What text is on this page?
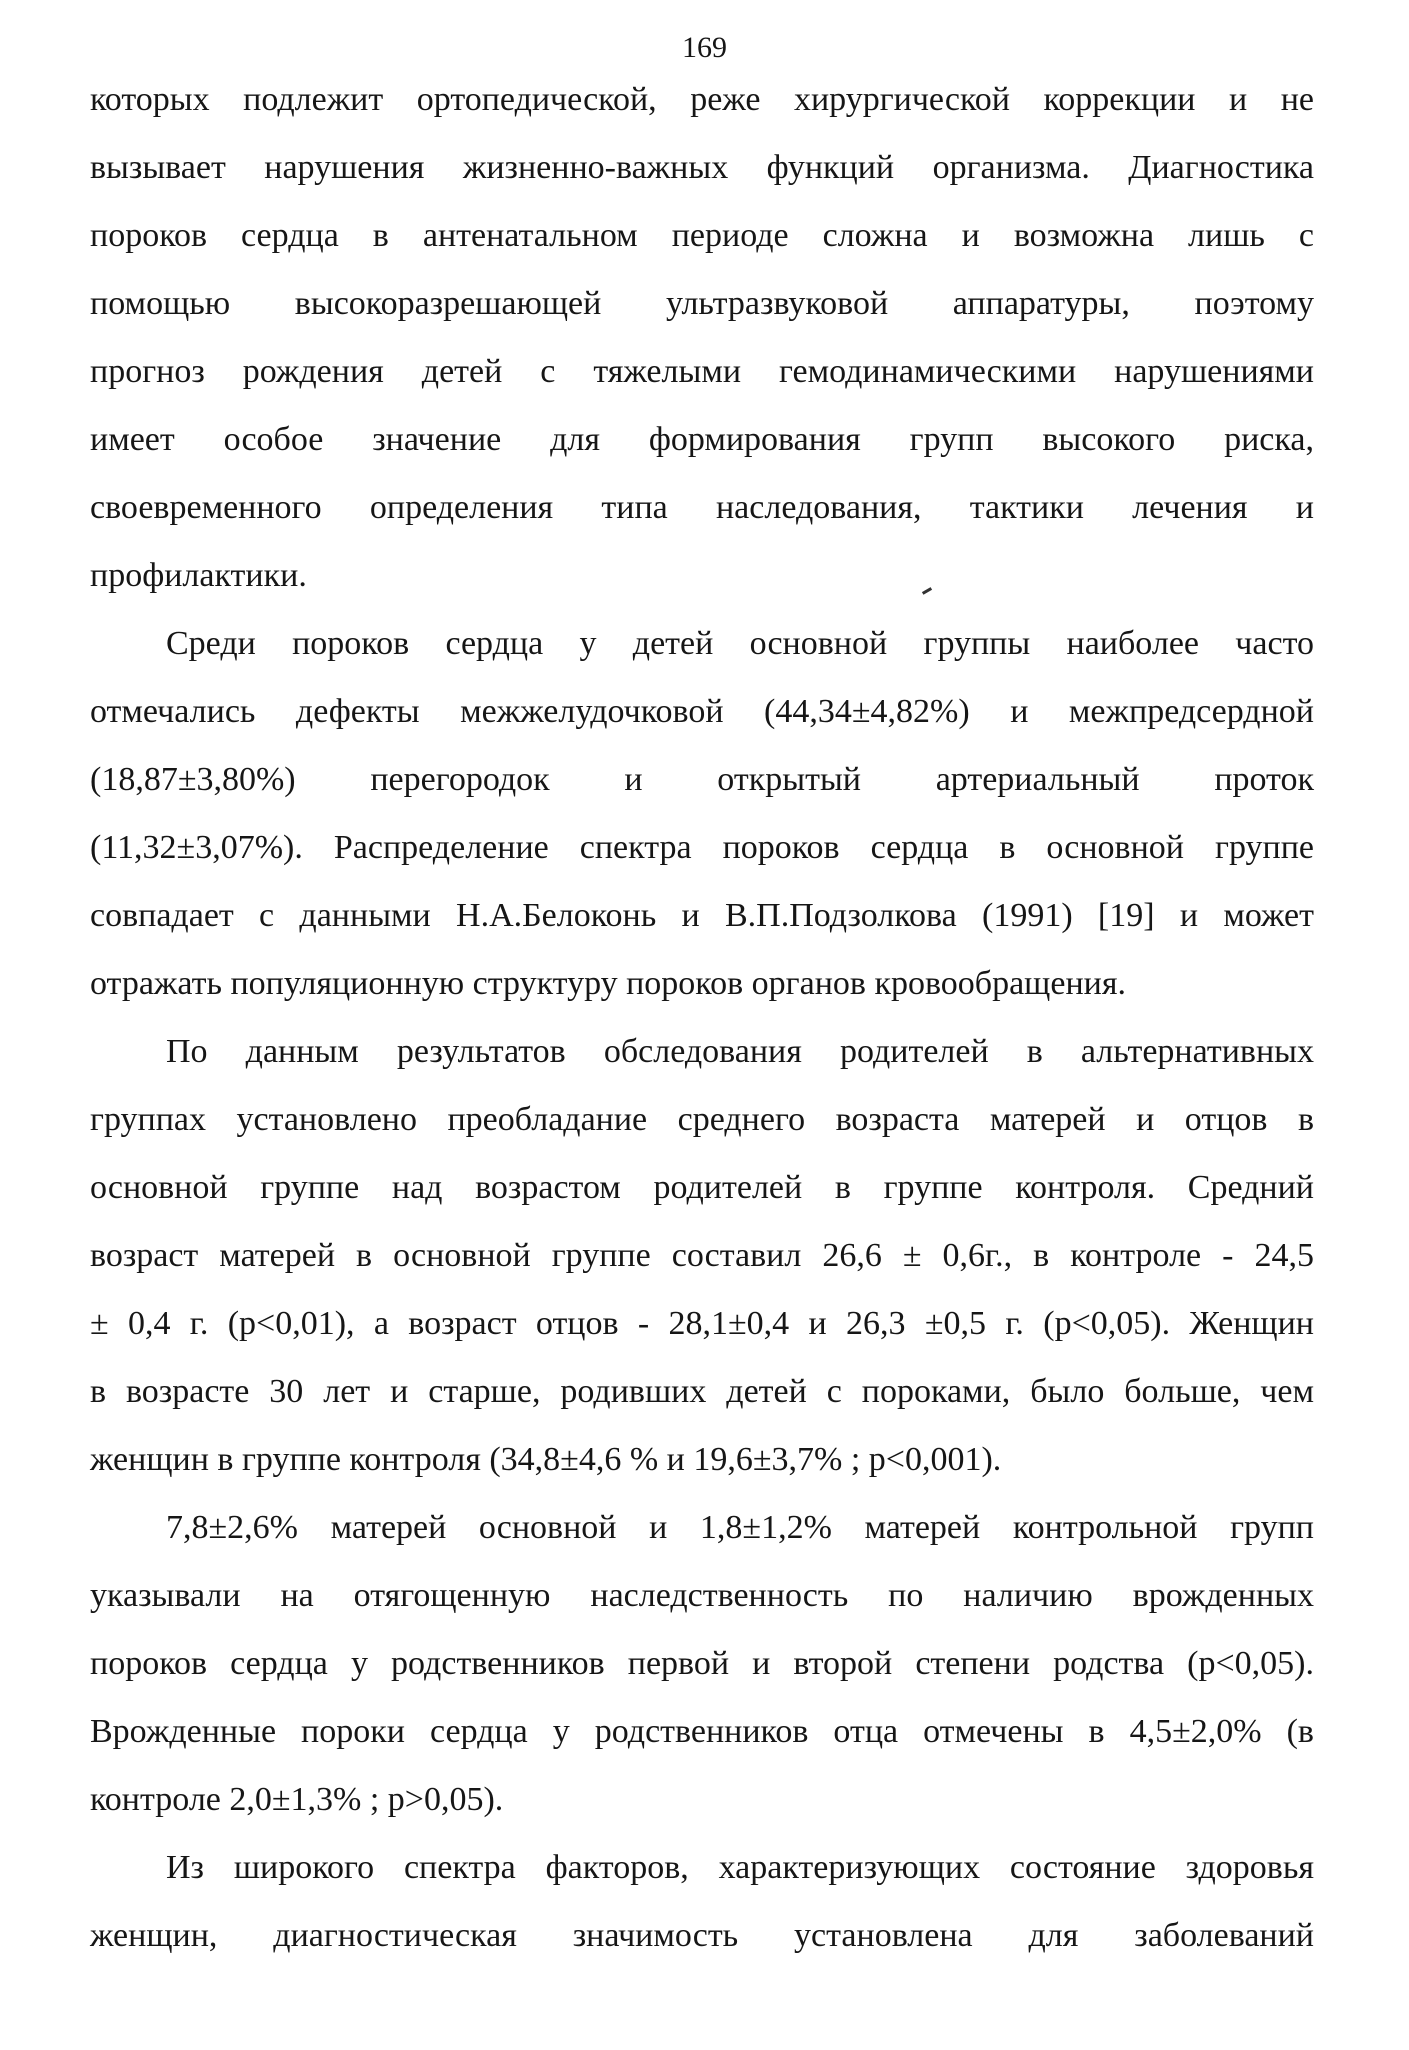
169

которых подлежит ортопедической, реже хирургической коррекции и не
вызывает нарушения жизненно-важных функций организма. Диагностика
пороков сердца в антенатальном периоде сложна и возможна лишь с
помощью высокоразрешающей ультразвуковой аппаратуры, поэтому
прогноз рождения детей с тяжелыми гемодинамическими нарушениями
имеет особое значение для формирования групп высокого риска,
своевременного определения типа наследования, тактики лечения и
профилактики.

Среди пороков сердца у детей основной группы наиболее часто
отмечались дефекты межжелудочковой (44,34±4,82%) и межпредсердной
(18,87±3,80%) перегородок и открытый артериальный проток
(11,32±3,07%). Распределение спектра пороков сердца в основной группе
совпадает с данными Н.А.Белоконь и В.П.Подзолкова (1991) [19] и может
отражать популяционную структуру пороков органов кровообращения.

По данным результатов обследования родителей в альтернативных
группах установлено преобладание среднего возраста матерей и отцов в
основной группе над возрастом родителей в группе контроля. Средний
возраст матерей в основной группе составил 26,6 ± 0,6г., в контроле - 24,5
± 0,4 г. (p<0,01), а возраст отцов - 28,1±0,4 и 26,3 ±0,5 г. (p<0,05). Женщин
в возрасте 30 лет и старше, родивших детей с пороками, было больше, чем
женщин в группе контроля (34,8±4,6 % и 19,6±3,7% ; p<0,001).

7,8±2,6% матерей основной и 1,8±1,2% матерей контрольной групп
указывали на отягощенную наследственность по наличию врожденных
пороков сердца у родственников первой и второй степени родства (p<0,05).
Врожденные пороки сердца у родственников отца отмечены в 4,5±2,0% (в
контроле 2,0±1,3% ; p>0,05).

Из широкого спектра факторов, характеризующих состояние здоровья
женщин, диагностическая значимость установлена для заболеваний
